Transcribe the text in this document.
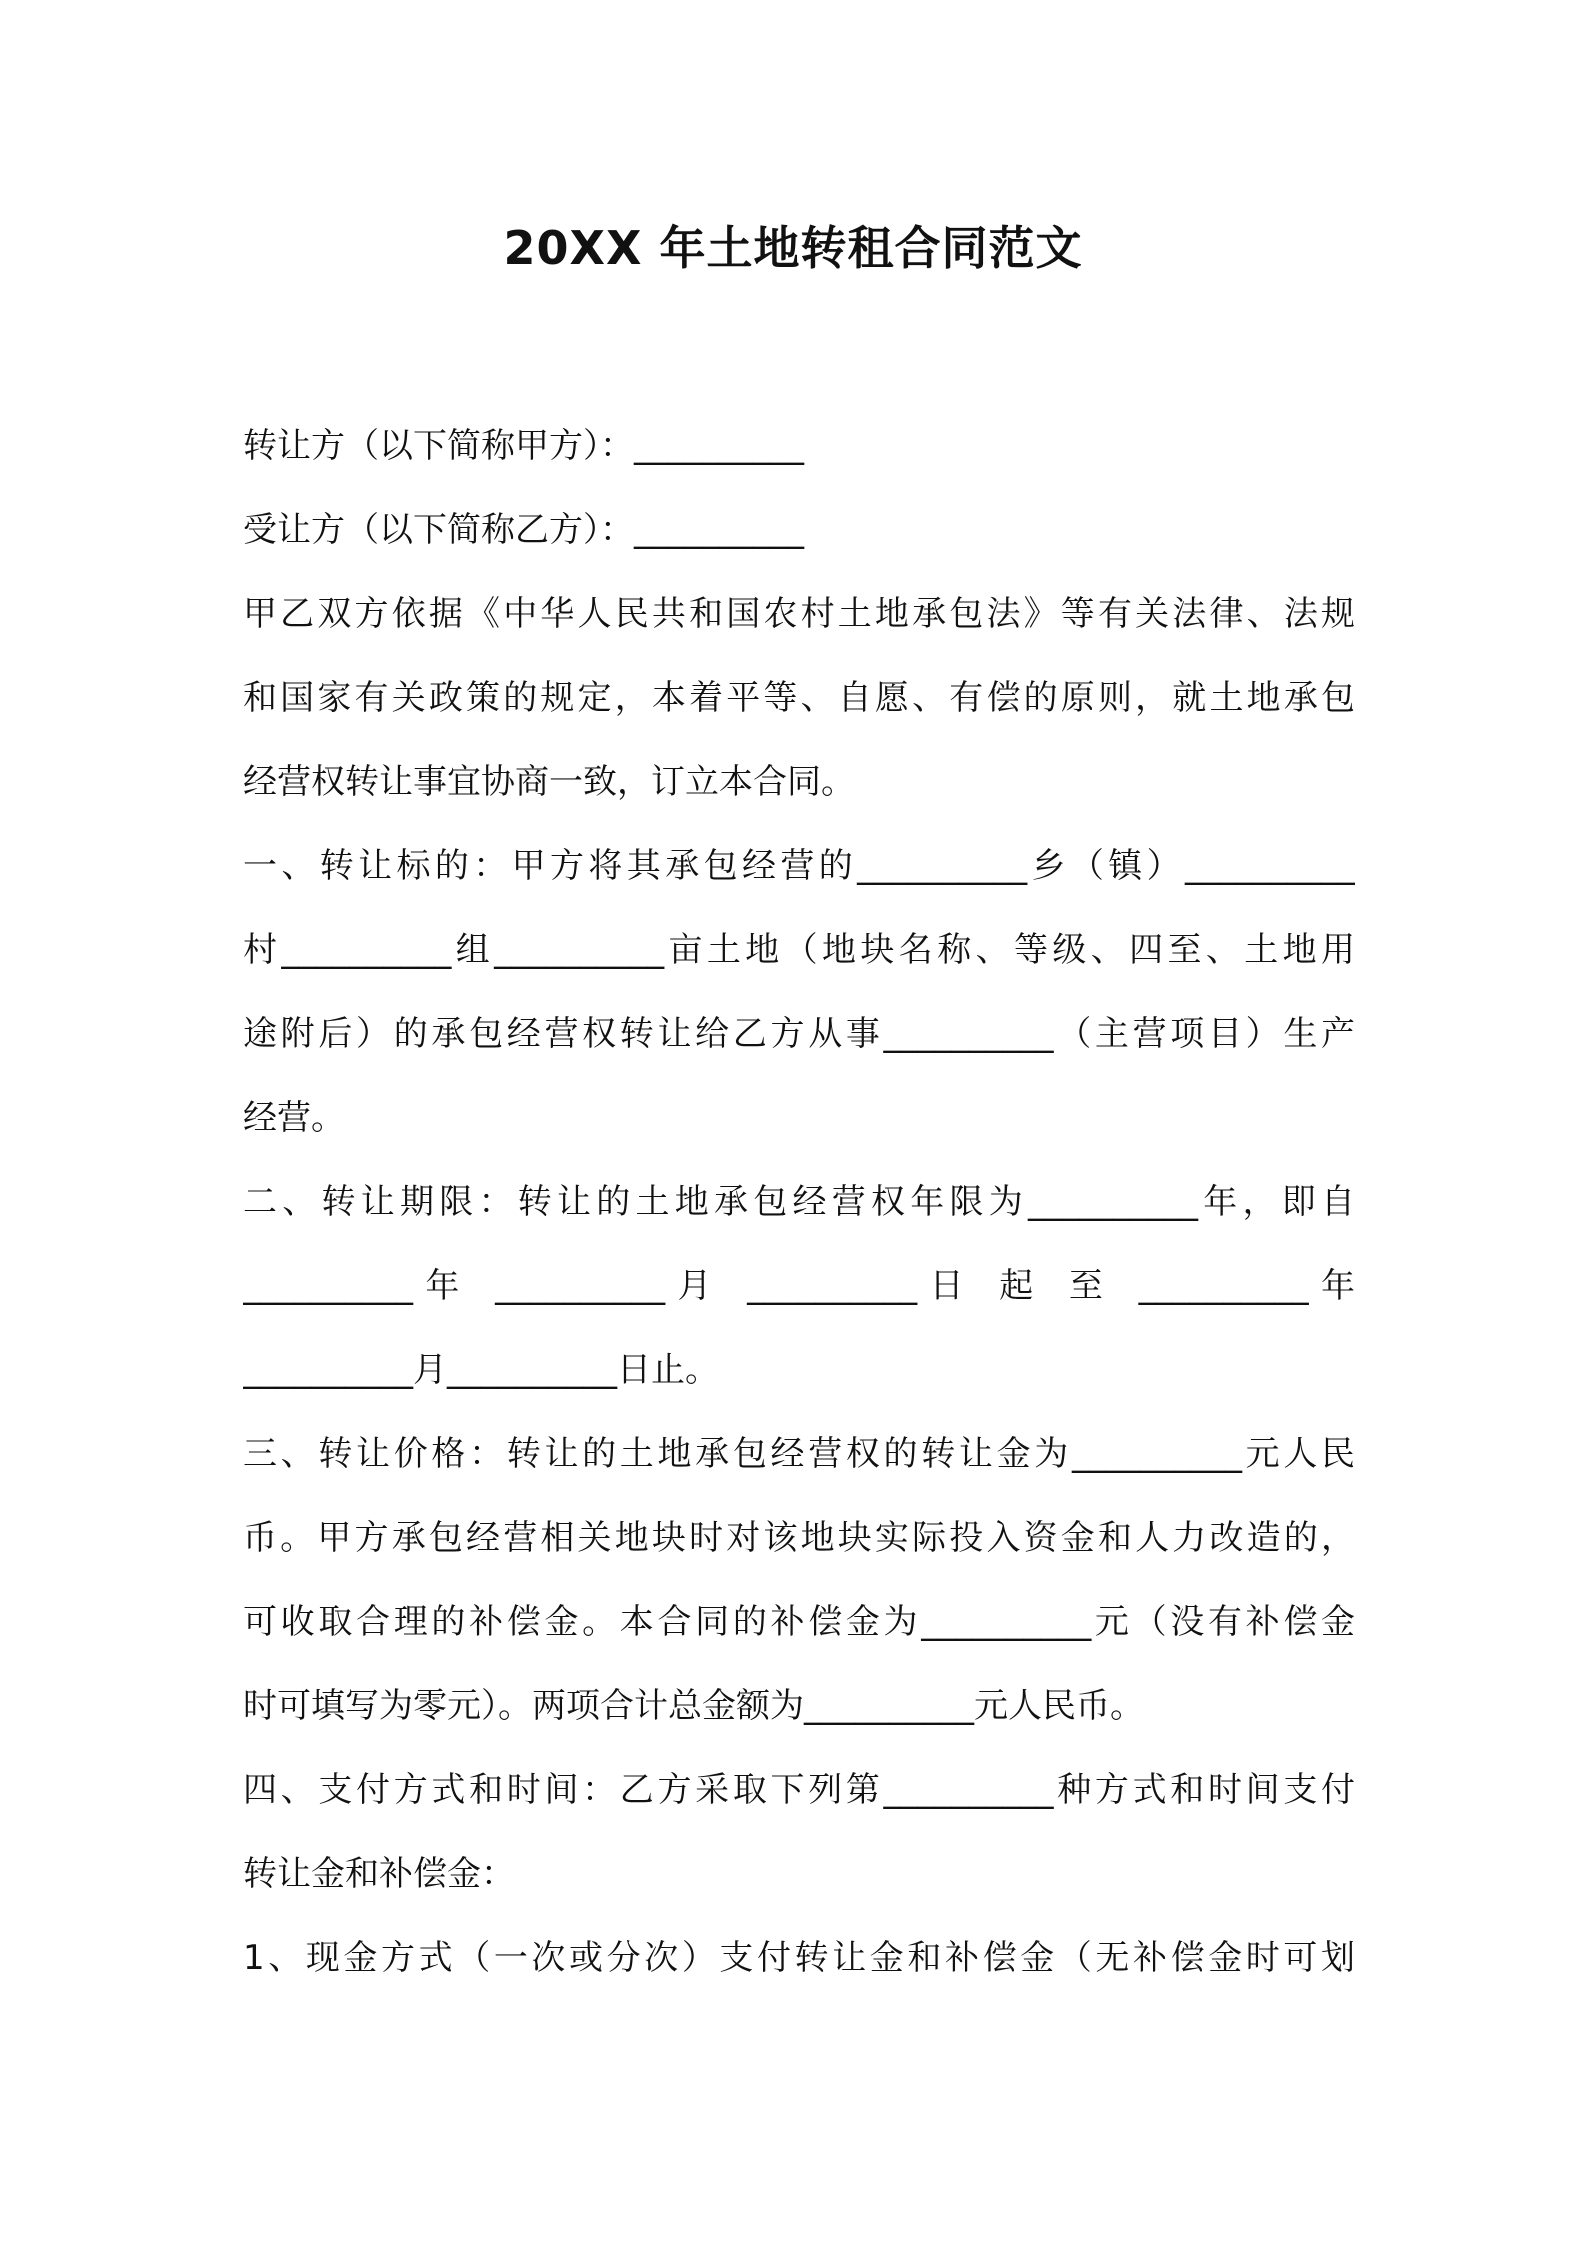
20XX 年土地转租合同范文
转让方（以下简称甲方）：__________
受让方（以下简称乙方）：__________
甲乙双方依据《中华人民共和国农村土地承包法》等有关法律、法规
和国家有关政策的规定，本着平等、自愿、有偿的原则，就土地承包
经营权转让事宜协商一致，订立本合同。
一、转让标的：甲方将其承包经营的__________乡（镇）__________
村__________组__________亩土地（地块名称、等级、四至、土地用
途附后）的承包经营权转让给乙方从事__________（主营项目）生产
经营。
二、转让期限：转让的土地承包经营权年限为__________年，即自
__________年 __________月 __________日 起 至 __________年
__________月__________日止。
三、转让价格：转让的土地承包经营权的转让金为__________元人民
币。甲方承包经营相关地块时对该地块实际投入资金和人力改造的，
可收取合理的补偿金。本合同的补偿金为__________元（没有补偿金
时可填写为零元）。两项合计总金额为__________元人民币。
四、支付方式和时间：乙方采取下列第__________种方式和时间支付
转让金和补偿金：
1、现金方式（一次或分次）支付转让金和补偿金（无补偿金时可划
